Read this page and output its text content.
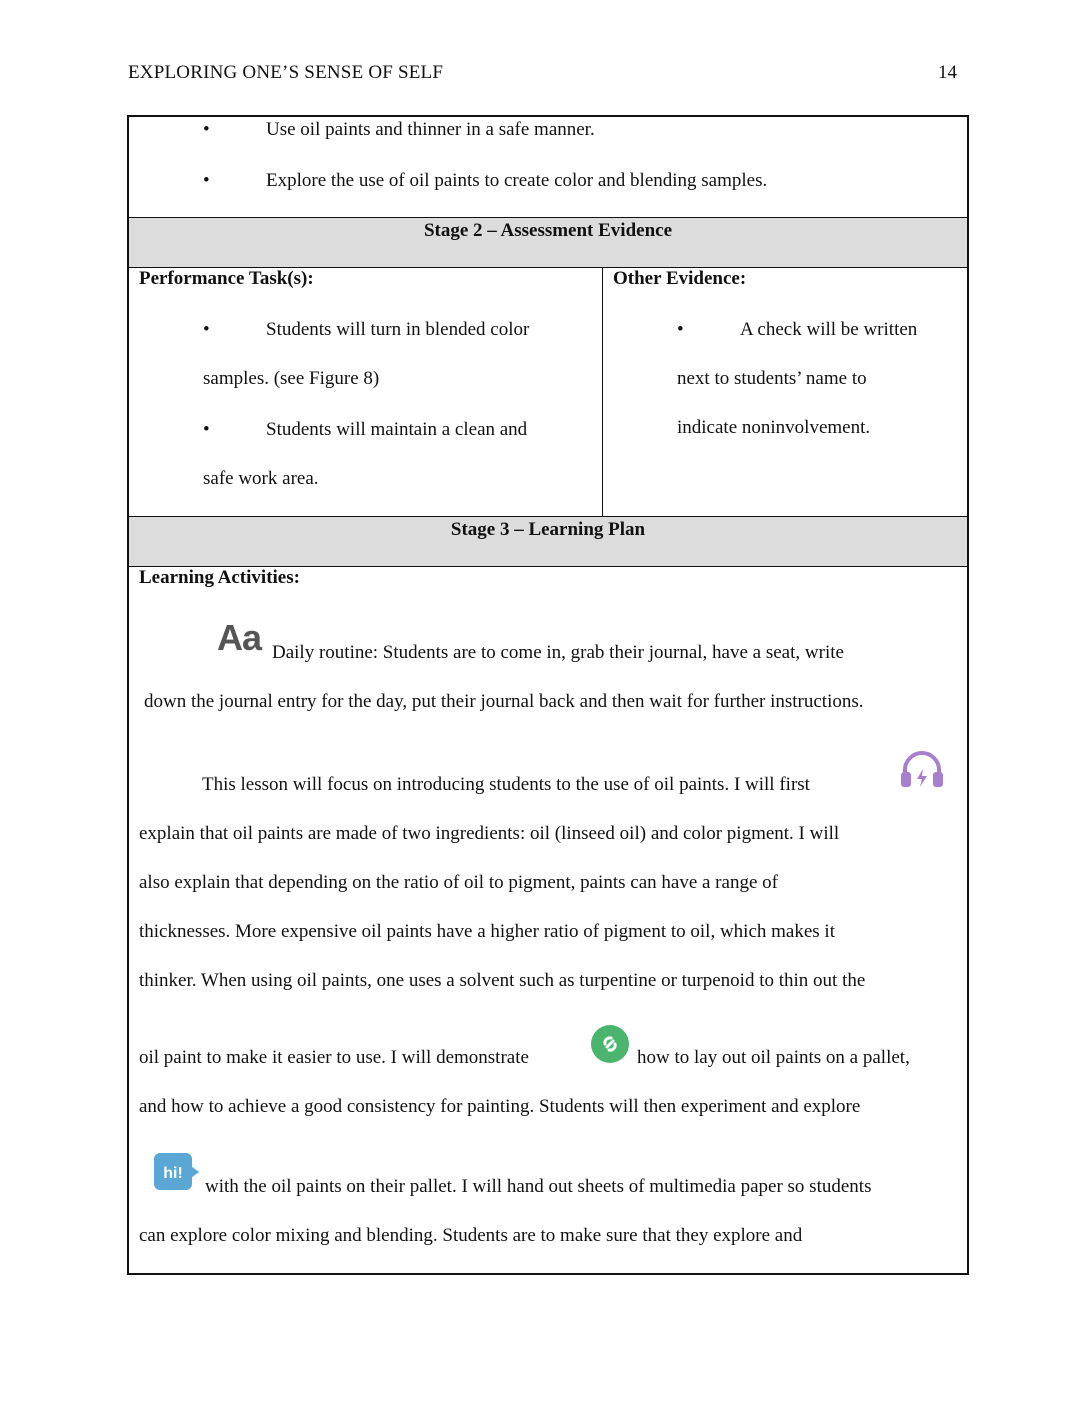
EXPLORING ONE’S SENSE OF SELF	14
•	Use oil paints and thinner in a safe manner.
•	Explore the use of oil paints to create color and blending samples.
Stage 2 – Assessment Evidence
Performance Task(s):
•	Students will turn in blended color
samples. (see Figure 8)
•	Students will maintain a clean and
safe work area.
Other Evidence:
•	A check will be written
next to students’ name to
indicate noninvolvement.
Stage 3 – Learning Plan
Learning Activities:
Aa Daily routine: Students are to come in, grab their journal, have a seat, write
down the journal entry for the day, put their journal back and then wait for further instructions.
This lesson will focus on introducing students to the use of oil paints. I will first
explain that oil paints are made of two ingredients: oil (linseed oil) and color pigment. I will
also explain that depending on the ratio of oil to pigment, paints can have a range of
thicknesses. More expensive oil paints have a higher ratio of pigment to oil, which makes it
thinker. When using oil paints, one uses a solvent such as turpentine or turpenoid to thin out the
oil paint to make it easier to use. I will demonstrate	how to lay out oil paints on a pallet,
and how to achieve a good consistency for painting. Students will then experiment and explore
hi!
with the oil paints on their pallet. I will hand out sheets of multimedia paper so students
can explore color mixing and blending. Students are to make sure that they explore and
